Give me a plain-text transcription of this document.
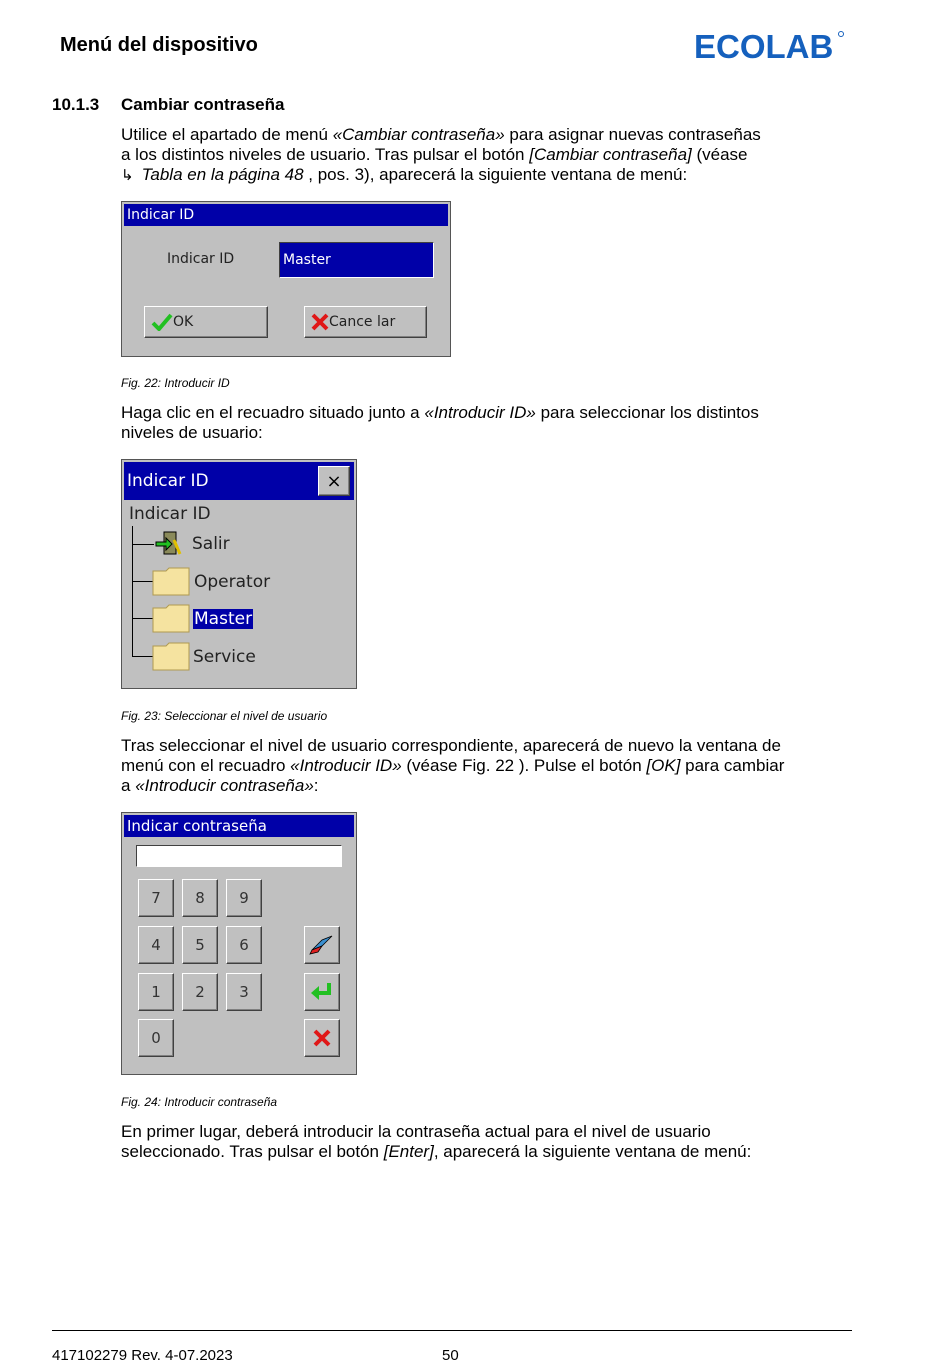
Menú del dispositivo	ECOLAB
10.1.3 Cambiar contraseña
Utilice el apartado de menú «Cambiar contraseña» para asignar nuevas contraseñas
a los distintos niveles de usuario. Tras pulsar el botón [Cambiar contraseña] (véase
↳ Tabla en la página 48 , pos. 3), aparecerá la siguiente ventana de menú:
Indicar ID
Indicar ID	Master
OK	Cance lar
Fig. 22: Introducir ID
Haga clic en el recuadro situado junto a «Introducir ID» para seleccionar los distintos
niveles de usuario:
Indicar ID	×
Indicar ID
Salir
Operator
Master
Service
Fig. 23: Seleccionar el nivel de usuario
Tras seleccionar el nivel de usuario correspondiente, aparecerá de nuevo la ventana de
menú con el recuadro «Introducir ID» (véase Fig. 22 ). Pulse el botón [OK] para cambiar
a «Introducir contraseña»:
Indicar contraseña
7	8	9
4	5	6
1	2	3
0
Fig. 24: Introducir contraseña
En primer lugar, deberá introducir la contraseña actual para el nivel de usuario
seleccionado. Tras pulsar el botón [Enter], aparecerá la siguiente ventana de menú:
417102279 Rev. 4-07.2023	50
